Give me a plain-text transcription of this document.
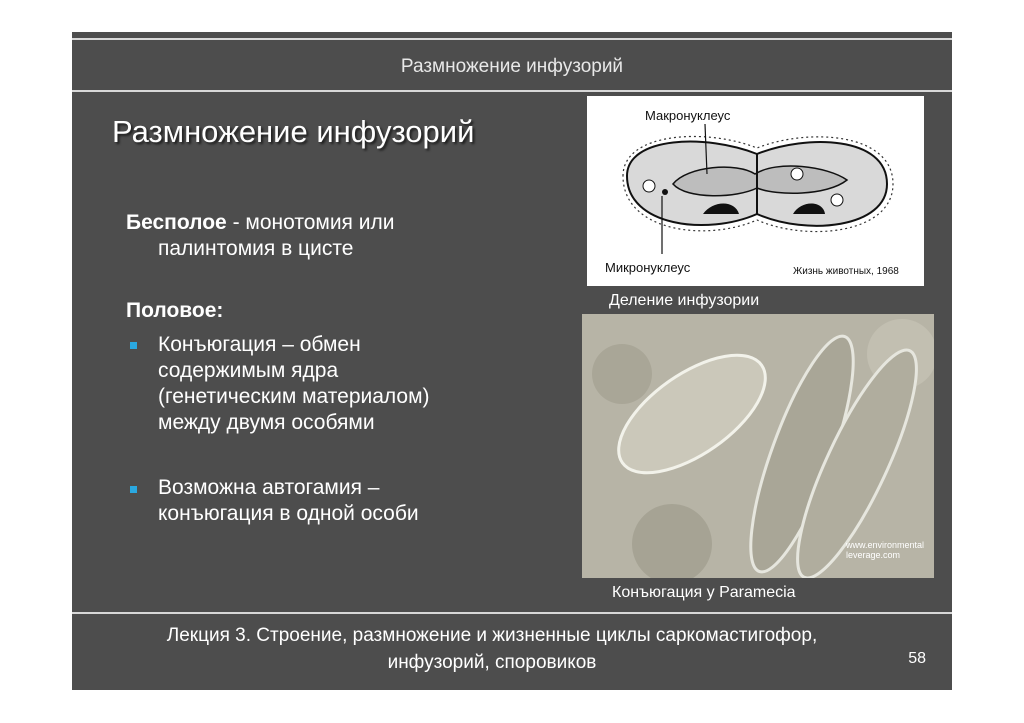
Размножение инфузорий
Размножение инфузорий
Бесполое - монотомия или
палинтомия в цисте
Половое:
Конъюгация – обмен
содержимым ядра
(генетическим материалом)
между двумя особями
Возможна автогамия –
конъюгация в одной особи
Макронуклеус
Микронуклеус	Жизнь животных, 1968
Деление инфузории
www.environmental
leverage.com
Конъюгация у Paramecia
Лекция 3. Строение, размножение и жизненные циклы саркомастигофор,
инфузорий, споровиков	58
